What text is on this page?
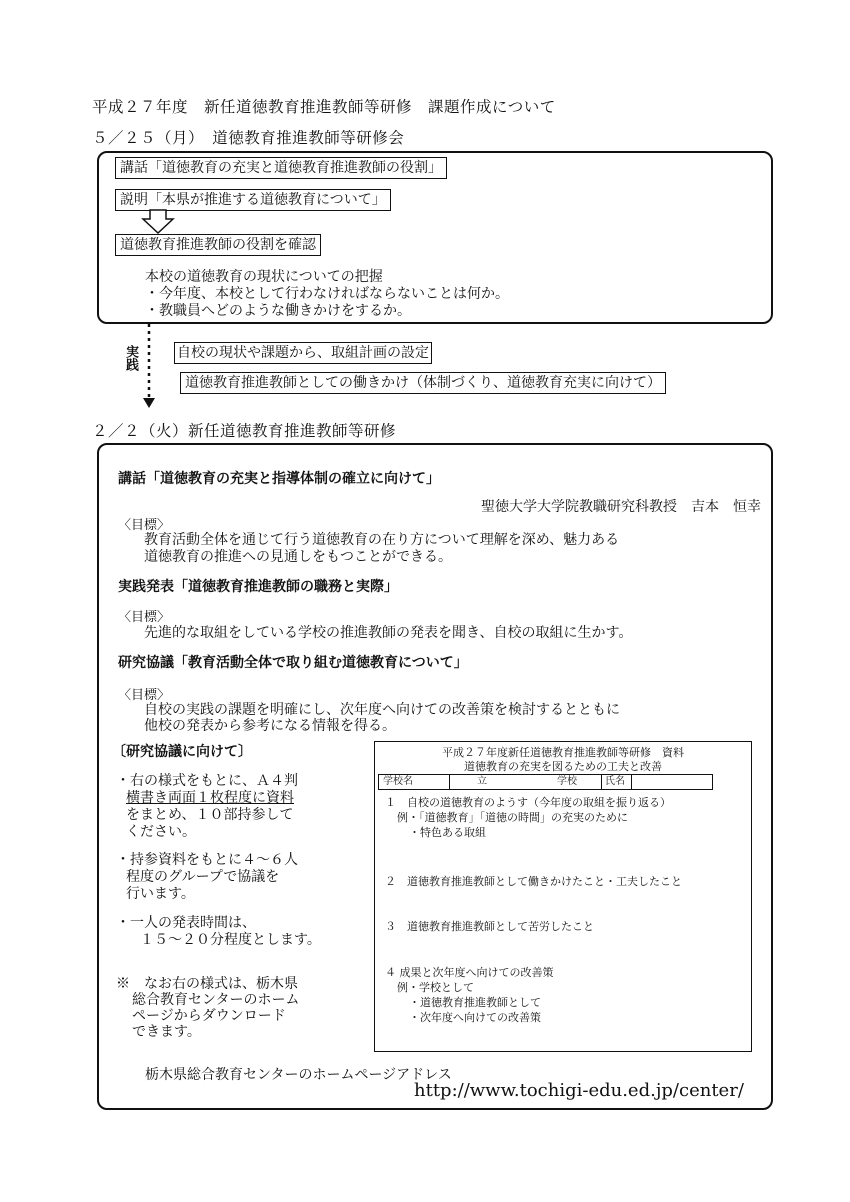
平成２７年度　新任道徳教育推進教師等研修　課題作成について
５／２５（月）　道徳教育推進教師等研修会
講話「道徳教育の充実と道徳教育推進教師の役割」
説明「本県が推進する道徳教育について」
道徳教育推進教師の役割を確認
本校の道徳教育の現状についての把握
・今年度、本校として行わなければならないことは何か。
・教職員へどのような働きかけをするか。
実践	自校の現状や課題から、取組計画の設定
道徳教育推進教師としての働きかけ（体制づくり、道徳教育充実に向けて）
２／２（火）新任道徳教育推進教師等研修
講話「道徳教育の充実と指導体制の確立に向けて」
聖徳大学大学院教職研究科教授　吉本　恒幸
〈目標〉
教育活動全体を通じて行う道徳教育の在り方について理解を深め、魅力ある
道徳教育の推進への見通しをもつことができる。
実践発表「道徳教育推進教師の職務と実際」
〈目標〉
先進的な取組をしている学校の推進教師の発表を聞き、自校の取組に生かす。
研究協議「教育活動全体で取り組む道徳教育について」
〈目標〉
自校の実践の課題を明確にし、次年度へ向けての改善策を検討するとともに
他校の発表から参考になる情報を得る。
〔研究協議に向けて〕
・右の様式をもとに、Ａ４判
横書き両面１枚程度に資料
をまとめ、１０部持参して
ください。
・持参資料をもとに４～６人
程度のグループで協議を
行います。
・一人の発表時間は、
１５～２０分程度とします。
※　なお右の様式は、栃木県
総合教育センターのホーム
ページからダウンロード
できます。
平成２７年度新任道徳教育推進教師等研修　資料
道徳教育の充実を図るための工夫と改善
学校名	立	学校	氏名
１　自校の道徳教育のようす（今年度の取組を振り返る）
例・「道徳教育」「道徳の時間」の充実のために
・特色ある取組
２　道徳教育推進教師として働きかけたこと・工夫したこと
３　道徳教育推進教師として苦労したこと
４ 成果と次年度へ向けての改善策
例・学校として
・道徳教育推進教師として
・次年度へ向けての改善策
栃木県総合教育センターのホームページアドレス
http://www.tochigi-edu.ed.jp/center/
